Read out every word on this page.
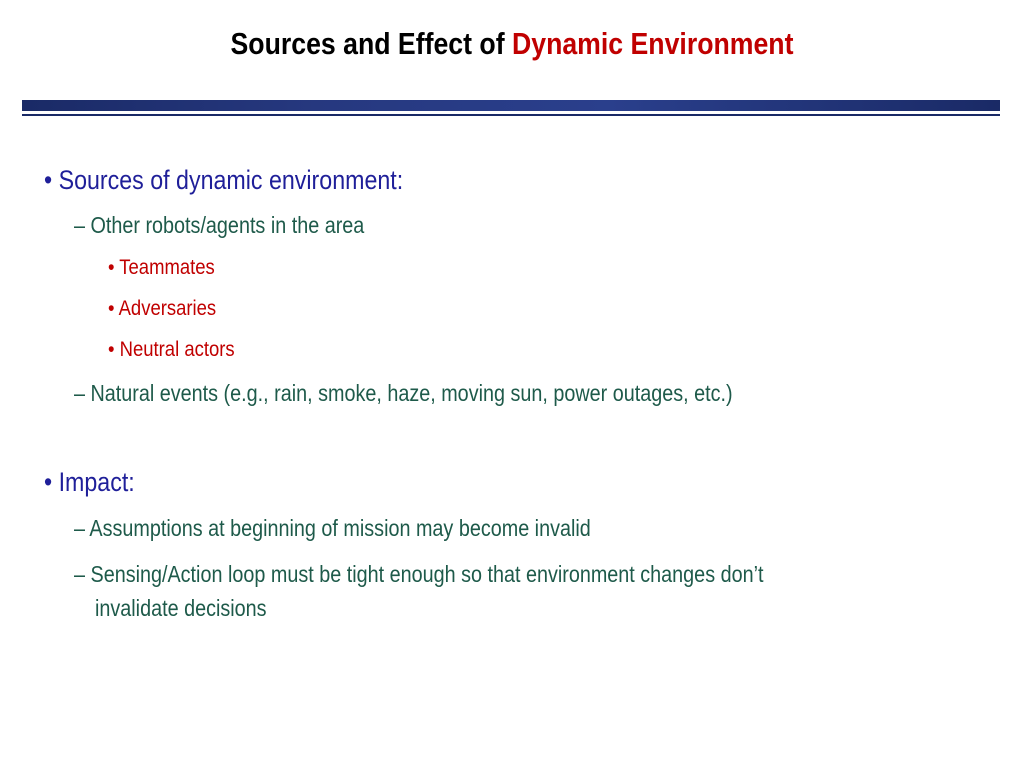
Sources and Effect of Dynamic Environment
• Sources of dynamic environment:
– Other robots/agents in the area
• Teammates
• Adversaries
• Neutral actors
– Natural events (e.g., rain, smoke, haze, moving sun, power outages, etc.)
• Impact:
– Assumptions at beginning of mission may become invalid
– Sensing/Action loop must be tight enough so that environment changes don’t
invalidate decisions
